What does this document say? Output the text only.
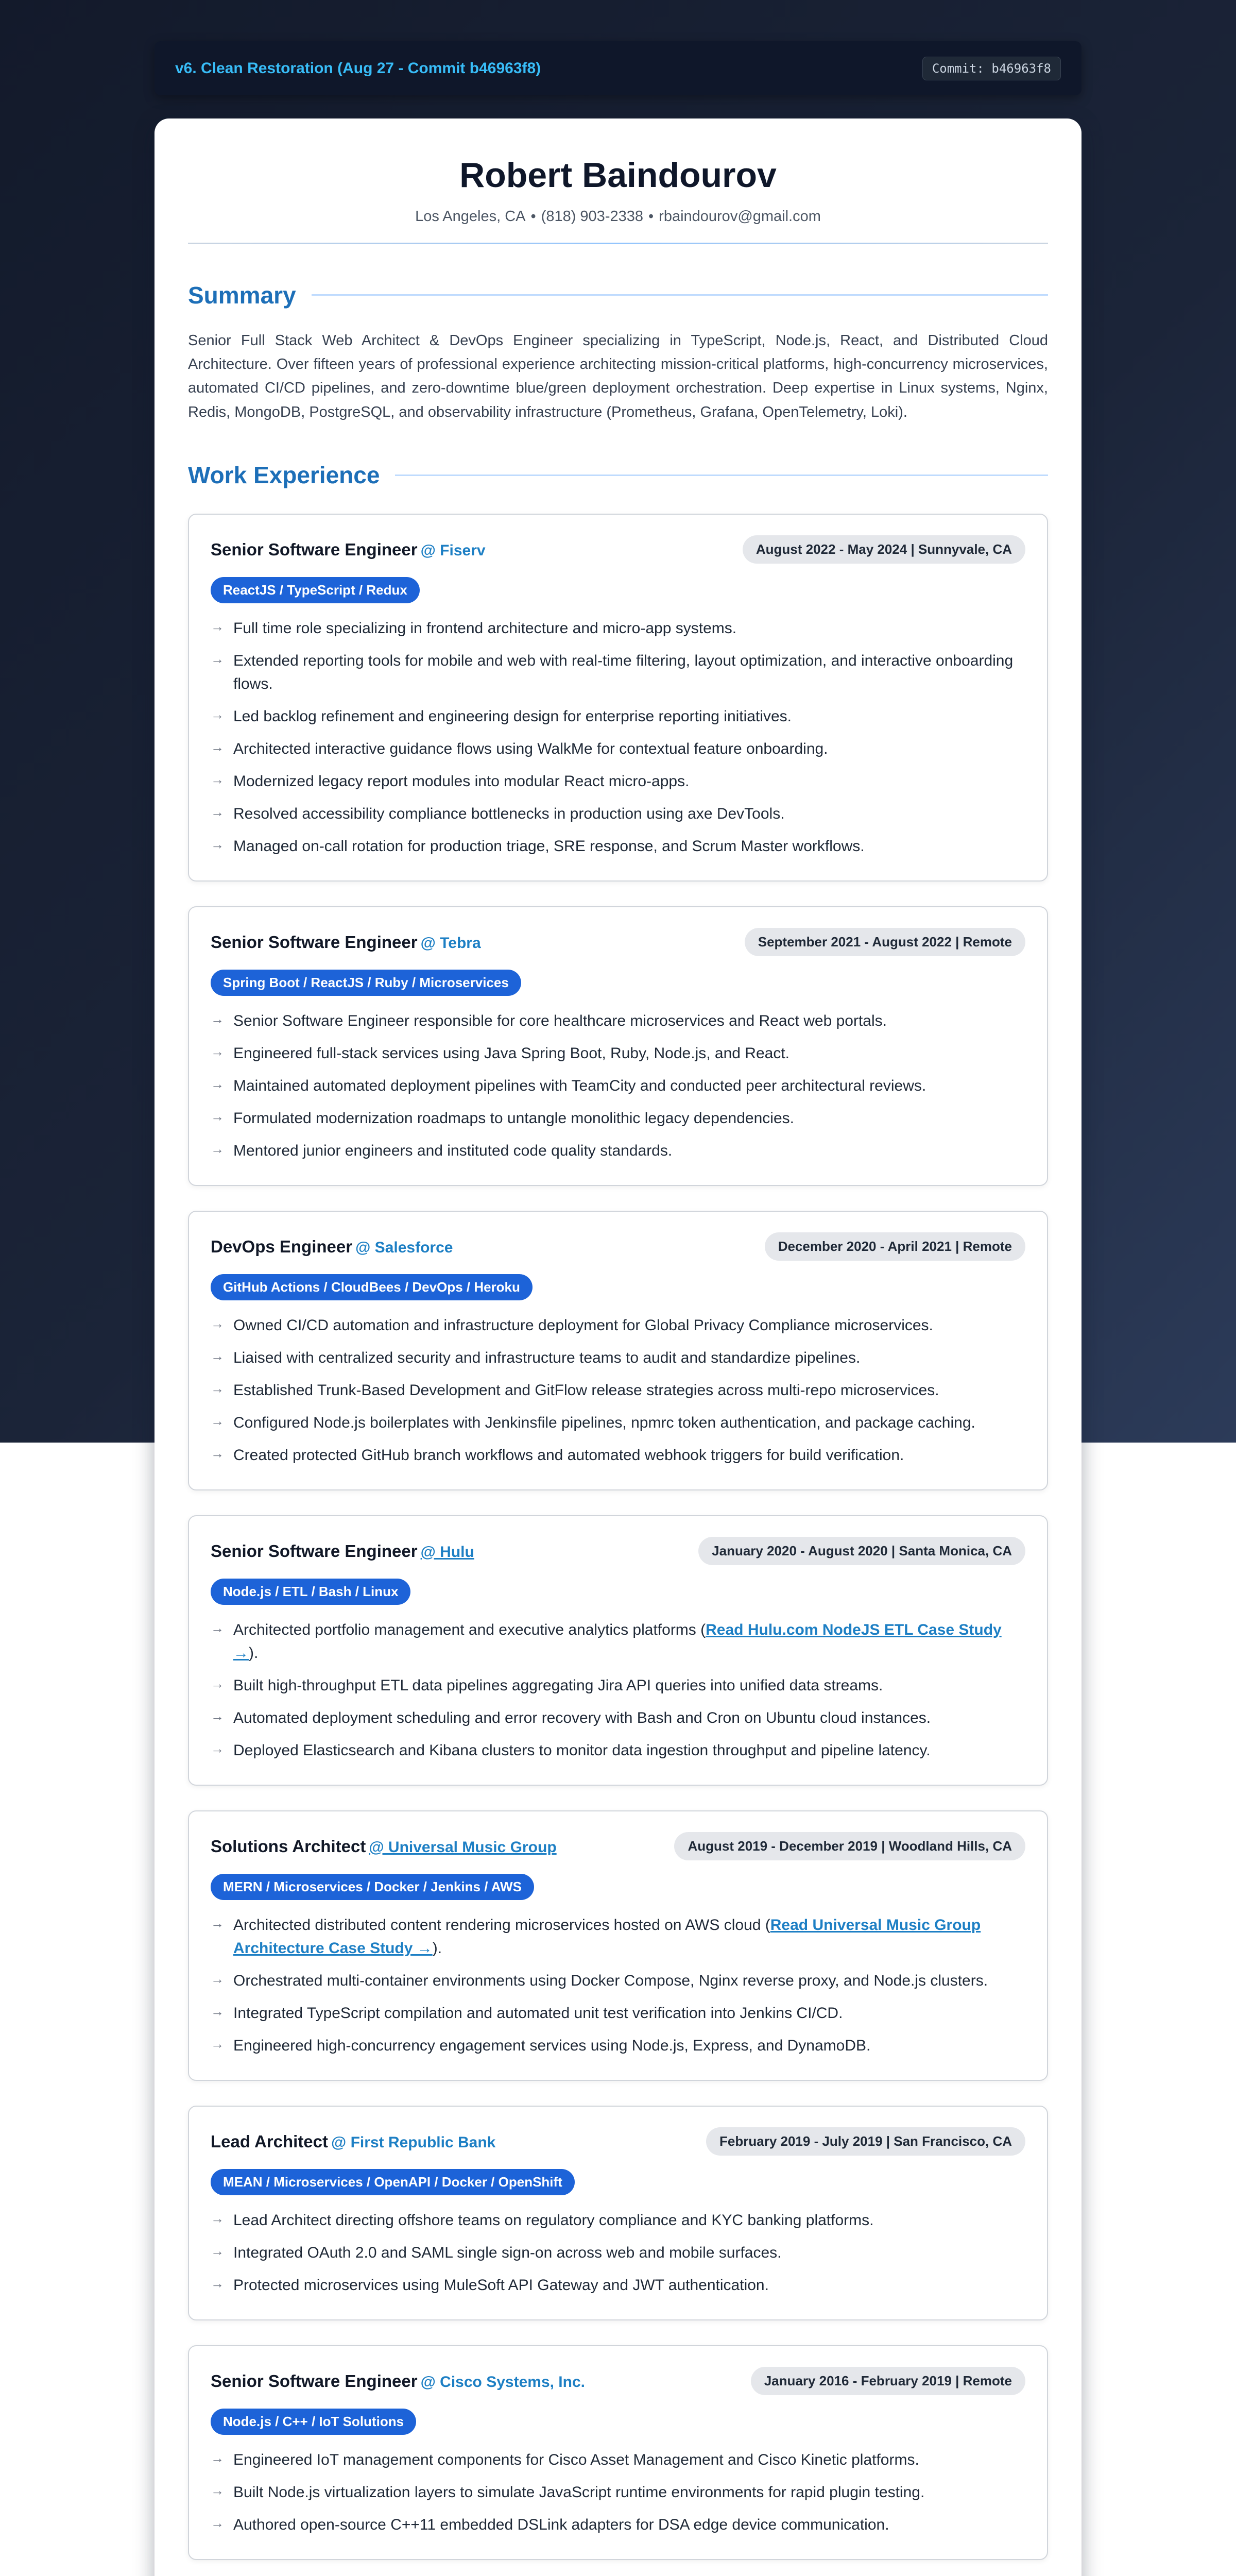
v6. Clean Restoration (Aug 27 - Commit b46963f8)	Commit: b46963f8
Robert Baindourov
Los Angeles, CA • (818) 903-2338 • rbaindourov@gmail.com
Summary

Senior Full Stack Web Architect & DevOps Engineer specializing in TypeScript, Node.js, React, and Distributed Cloud Architecture. Over fifteen years of professional experience architecting mission-critical platforms, high-concurrency microservices, automated CI/CD pipelines, and zero-downtime blue/green deployment orchestration. Deep expertise in Linux systems, Nginx, Redis, MongoDB, PostgreSQL, and observability infrastructure (Prometheus, Grafana, OpenTelemetry, Loki).

Work Experience
Senior Software Engineer @ Fiserv	August 2022 - May 2024 | Sunnyvale, CA
ReactJS / TypeScript / Redux
→ Full time role specializing in frontend architecture and micro-app systems.
→ Extended reporting tools for mobile and web with real-time filtering, layout optimization, and interactive onboarding flows.
→ Led backlog refinement and engineering design for enterprise reporting initiatives.
→ Architected interactive guidance flows using WalkMe for contextual feature onboarding.
→ Modernized legacy report modules into modular React micro-apps.
→ Resolved accessibility compliance bottlenecks in production using axe DevTools.
→ Managed on-call rotation for production triage, SRE response, and Scrum Master workflows.
Senior Software Engineer @ Tebra	September 2021 - August 2022 | Remote
Spring Boot / ReactJS / Ruby / Microservices
→ Senior Software Engineer responsible for core healthcare microservices and React web portals.
→ Engineered full-stack services using Java Spring Boot, Ruby, Node.js, and React.
→ Maintained automated deployment pipelines with TeamCity and conducted peer architectural reviews.
→ Formulated modernization roadmaps to untangle monolithic legacy dependencies.
→ Mentored junior engineers and instituted code quality standards.
DevOps Engineer @ Salesforce	December 2020 - April 2021 | Remote
GitHub Actions / CloudBees / DevOps / Heroku
→ Owned CI/CD automation and infrastructure deployment for Global Privacy Compliance microservices.
→ Liaised with centralized security and infrastructure teams to audit and standardize pipelines.
→ Established Trunk-Based Development and GitFlow release strategies across multi-repo microservices.
→ Configured Node.js boilerplates with Jenkinsfile pipelines, npmrc token authentication, and package caching.
→ Created protected GitHub branch workflows and automated webhook triggers for build verification.
Senior Software Engineer @ Hulu	January 2020 - August 2020 | Santa Monica, CA
Node.js / ETL / Bash / Linux
→ Architected portfolio management and executive analytics platforms (Read Hulu.com NodeJS ETL Case Study →).
→ Built high-throughput ETL data pipelines aggregating Jira API queries into unified data streams.
→ Automated deployment scheduling and error recovery with Bash and Cron on Ubuntu cloud instances.
→ Deployed Elasticsearch and Kibana clusters to monitor data ingestion throughput and pipeline latency.
Solutions Architect @ Universal Music Group	August 2019 - December 2019 | Woodland Hills, CA
MERN / Microservices / Docker / Jenkins / AWS
→ Architected distributed content rendering microservices hosted on AWS cloud (Read Universal Music Group Architecture Case Study →).
→ Orchestrated multi-container environments using Docker Compose, Nginx reverse proxy, and Node.js clusters.
→ Integrated TypeScript compilation and automated unit test verification into Jenkins CI/CD.
→ Engineered high-concurrency engagement services using Node.js, Express, and DynamoDB.
Lead Architect @ First Republic Bank	February 2019 - July 2019 | San Francisco, CA
MEAN / Microservices / OpenAPI / Docker / OpenShift
→ Lead Architect directing offshore teams on regulatory compliance and KYC banking platforms.
→ Integrated OAuth 2.0 and SAML single sign-on across web and mobile surfaces.
→ Protected microservices using MuleSoft API Gateway and JWT authentication.
Senior Software Engineer @ Cisco Systems, Inc.	January 2016 - February 2019 | Remote
Node.js / C++ / IoT Solutions
→ Engineered IoT management components for Cisco Asset Management and Cisco Kinetic platforms.
→ Built Node.js virtualization layers to simulate JavaScript runtime environments for rapid plugin testing.
→ Authored open-source C++11 embedded DSLink adapters for DSA edge device communication.
